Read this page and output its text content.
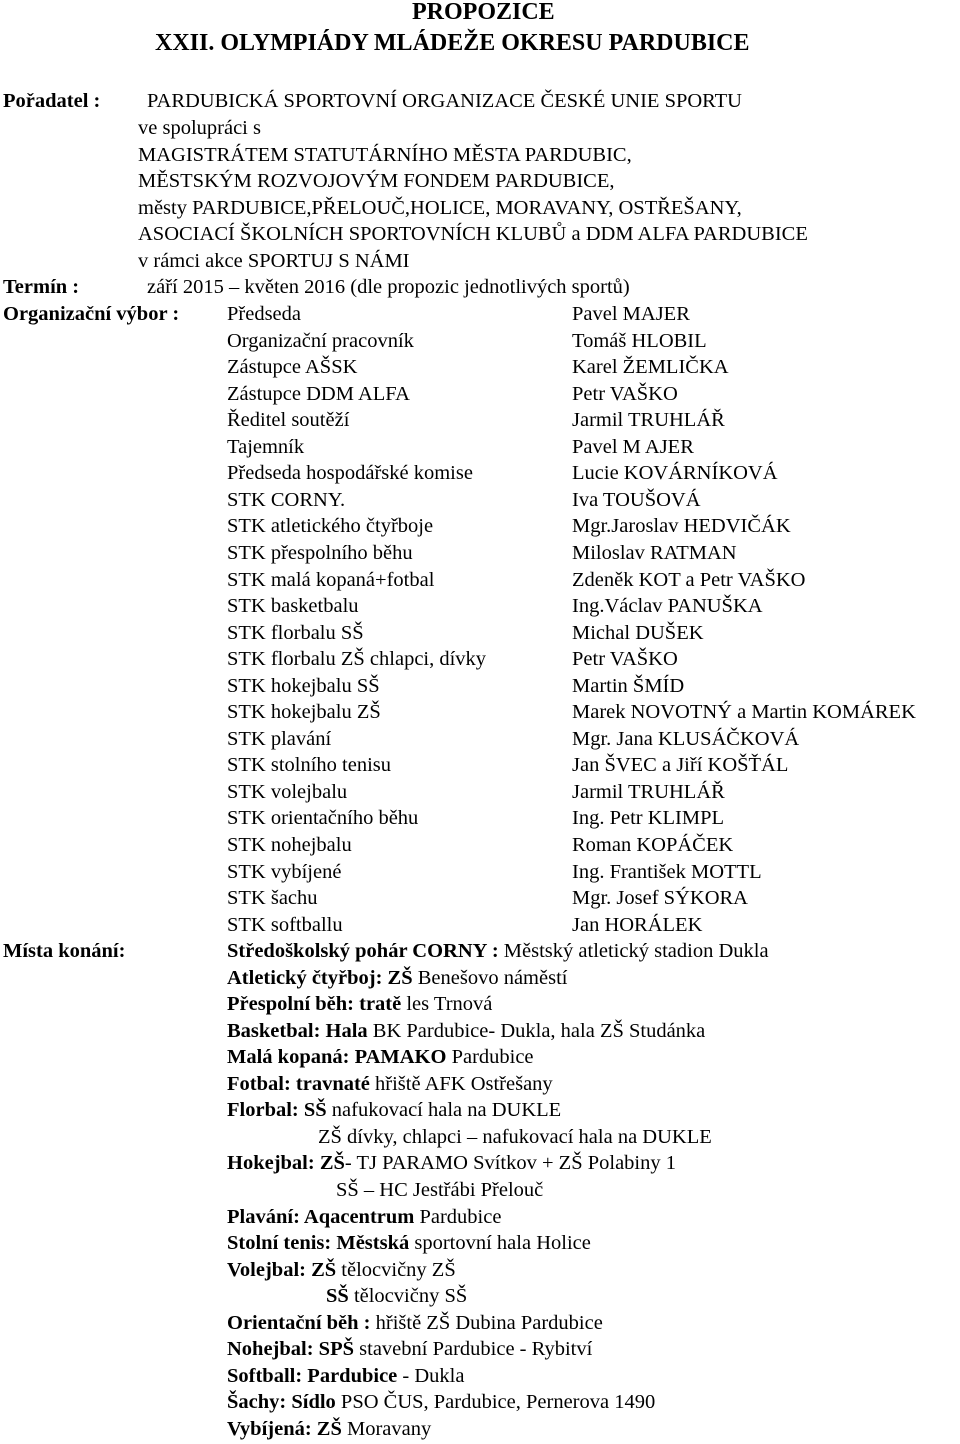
PROPOZICE
XXII. OLYMPIÁDY MLÁDEŽE OKRESU PARDUBICE
Pořadatel : PARDUBICKÁ SPORTOVNÍ ORGANIZACE ČESKÉ UNIE SPORTU
ve spolupráci s
MAGISTRÁTEM STATUTÁRNÍHO MĚSTA PARDUBIC,
MĚSTSKÝM ROZVOJOVÝM FONDEM PARDUBICE,
městy PARDUBICE,PŘELOUČ,HOLICE, MORAVANY, OSTŘEŠANY,
ASOCIACÍ ŠKOLNÍCH SPORTOVNÍCH KLUBŮ a DDM ALFA PARDUBICE
v rámci akce SPORTUJ S NÁMI
Termín :	září 2015 – květen 2016 (dle propozic jednotlivých sportů)
Organizační výbor : Předseda	Pavel MAJER
Organizační pracovník	Tomáš HLOBIL
Zástupce AŠSK	Karel ŽEMLIČKA
Zástupce DDM ALFA	Petr VAŠKO
Ředitel soutěží	Jarmil TRUHLÁŘ
Tajemník	Pavel M AJER
Předseda hospodářské komise	Lucie KOVÁRNÍKOVÁ
STK CORNY.	Iva TOUŠOVÁ
STK atletického čtyřboje	Mgr.Jaroslav HEDVIČÁK
STK přespolního běhu	Miloslav RATMAN
STK malá kopaná+fotbal	Zdeněk KOT a Petr VAŠKO
STK basketbalu	Ing.Václav PANUŠKA
STK florbalu SŠ	Michal DUŠEK
STK florbalu ZŠ chlapci, dívky	Petr VAŠKO
STK hokejbalu SŠ	Martin ŠMÍD
STK hokejbalu ZŠ	Marek NOVOTNÝ a Martin KOMÁREK
STK plavání	Mgr. Jana KLUSÁČKOVÁ
STK stolního tenisu	Jan ŠVEC a Jiří KOŠŤÁL
STK volejbalu	Jarmil TRUHLÁŘ
STK orientačního běhu	Ing. Petr KLIMPL
STK nohejbalu	Roman KOPÁČEK
STK vybíjené	Ing. František MOTTL
STK šachu	Mgr. Josef SÝKORA
STK softballu	Jan HORÁLEK
Místa konání:	Středoškolský pohár CORNY : Městský atletický stadion Dukla
Atletický čtyřboj: ZŠ Benešovo náměstí
Přespolní běh: tratě les Trnová
Basketbal: Hala BK Pardubice- Dukla, hala ZŠ Studánka
Malá kopaná: PAMAKO Pardubice
Fotbal: travnaté hřiště AFK Ostřešany
Florbal: SŠ nafukovací hala na DUKLE
ZŠ dívky, chlapci – nafukovací hala na DUKLE
Hokejbal: ZŠ- TJ PARAMO Svítkov + ZŠ Polabiny 1
SŠ – HC Jestřábi Přelouč
Plavání: Aqacentrum Pardubice
Stolní tenis: Městská sportovní hala Holice
Volejbal: ZŠ tělocvičny ZŠ
SŠ tělocvičny SŠ
Orientační běh : hřiště ZŠ Dubina Pardubice
Nohejbal: SPŠ stavební Pardubice - Rybitví
Softball: Pardubice - Dukla
Šachy: Sídlo PSO ČUS, Pardubice, Pernerova 1490
Vybíjená: ZŠ Moravany
